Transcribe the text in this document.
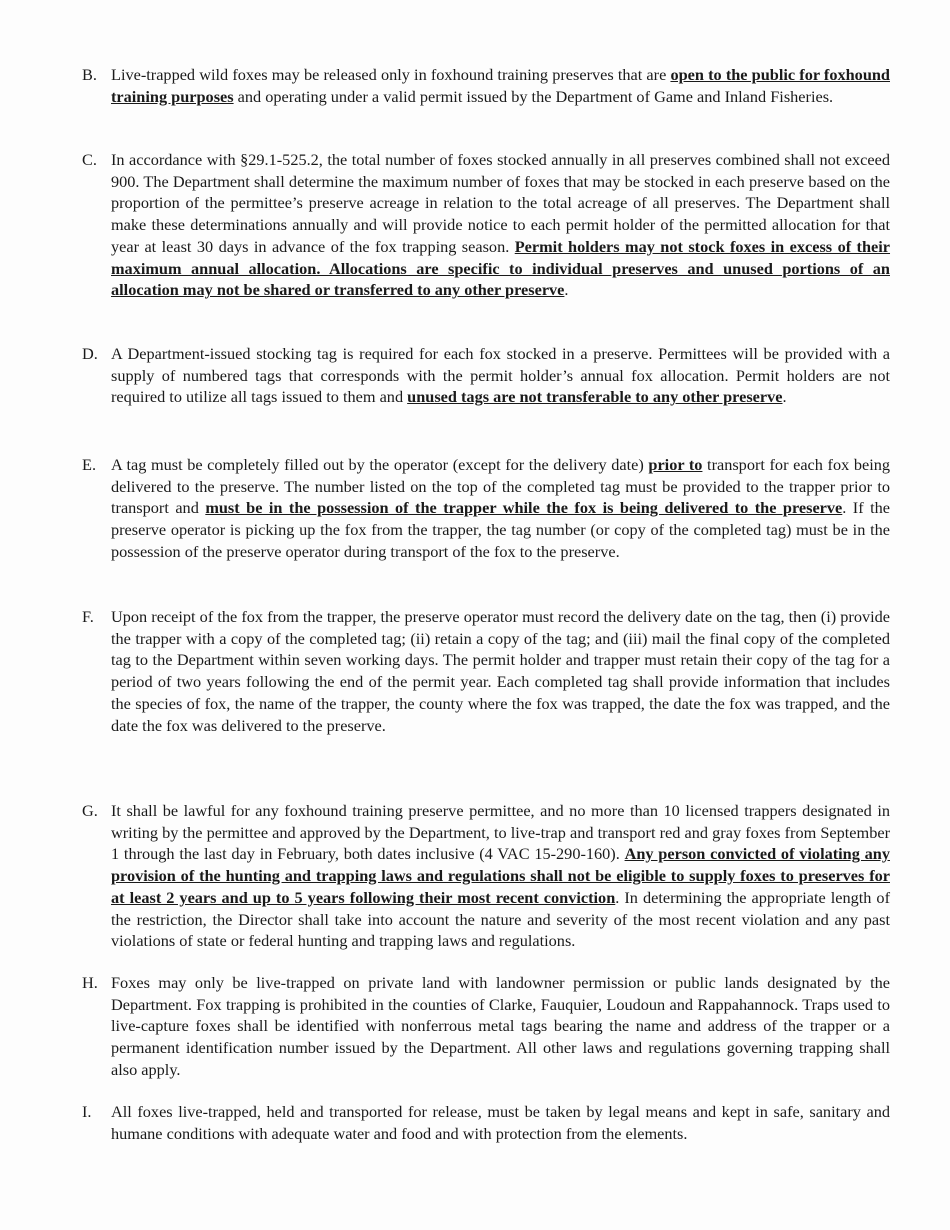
B. Live-trapped wild foxes may be released only in foxhound training preserves that are open to the public for foxhound training purposes and operating under a valid permit issued by the Department of Game and Inland Fisheries.
C. In accordance with §29.1-525.2, the total number of foxes stocked annually in all preserves combined shall not exceed 900. The Department shall determine the maximum number of foxes that may be stocked in each preserve based on the proportion of the permittee’s preserve acreage in relation to the total acreage of all preserves. The Department shall make these determinations annually and will provide notice to each permit holder of the permitted allocation for that year at least 30 days in advance of the fox trapping season. Permit holders may not stock foxes in excess of their maximum annual allocation. Allocations are specific to individual preserves and unused portions of an allocation may not be shared or transferred to any other preserve.
D. A Department-issued stocking tag is required for each fox stocked in a preserve. Permittees will be provided with a supply of numbered tags that corresponds with the permit holder’s annual fox allocation. Permit holders are not required to utilize all tags issued to them and unused tags are not transferable to any other preserve.
E. A tag must be completely filled out by the operator (except for the delivery date) prior to transport for each fox being delivered to the preserve. The number listed on the top of the completed tag must be provided to the trapper prior to transport and must be in the possession of the trapper while the fox is being delivered to the preserve. If the preserve operator is picking up the fox from the trapper, the tag number (or copy of the completed tag) must be in the possession of the preserve operator during transport of the fox to the preserve.
F.	Upon receipt of the fox from the trapper, the preserve operator must record the delivery date on the tag, then (i) provide the trapper with a copy of the completed tag; (ii) retain a copy of the tag; and (iii) mail the final copy of the completed tag to the Department within seven working days. The permit holder and trapper must retain their copy of the tag for a period of two years following the end of the permit year. Each completed tag shall provide information that includes the species of fox, the name of the trapper, the county where the fox was trapped, the date the fox was trapped, and the date the fox was delivered to the preserve.
G. It shall be lawful for any foxhound training preserve permittee, and no more than 10 licensed trappers designated in writing by the permittee and approved by the Department, to live-trap and transport red and gray foxes from September 1 through the last day in February, both dates inclusive (4 VAC 15-290-160). Any person convicted of violating any provision of the hunting and trapping laws and regulations shall not be eligible to supply foxes to preserves for at least 2 years and up to 5 years following their most recent conviction. In determining the appropriate length of the restriction, the Director shall take into account the nature and severity of the most recent violation and any past violations of state or federal hunting and trapping laws and regulations.
H. Foxes may only be live-trapped on private land with landowner permission or public lands designated by the Department. Fox trapping is prohibited in the counties of Clarke, Fauquier, Loudoun and Rappahannock. Traps used to live-capture foxes shall be identified with nonferrous metal tags bearing the name and address of the trapper or a permanent identification number issued by the Department. All other laws and regulations governing trapping shall also apply.
I.	All foxes live-trapped, held and transported for release, must be taken by legal means and kept in safe, sanitary and humane conditions with adequate water and food and with protection from the elements.
